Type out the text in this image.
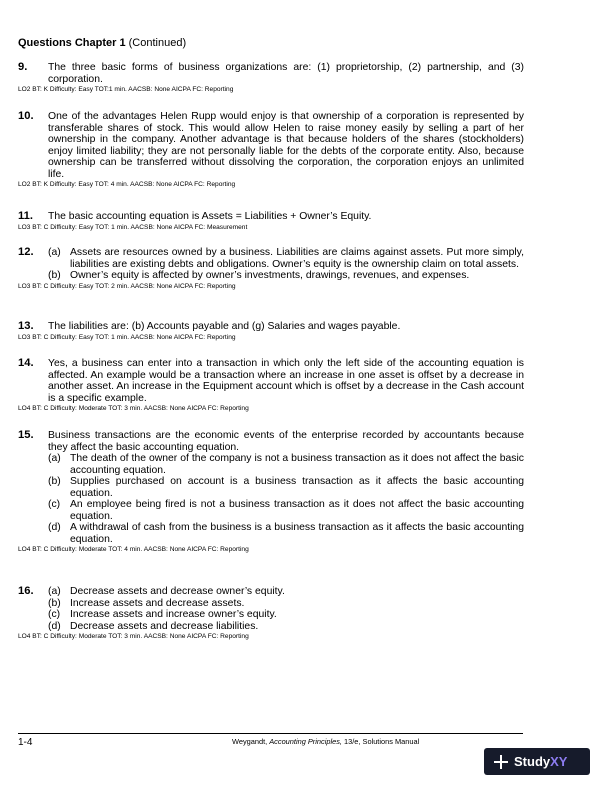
Questions Chapter 1 (Continued)
9.	The three basic forms of business organizations are: (1) proprietorship, (2) partnership, and (3) corporation.

LO2 BT: K Difficulty: Easy TOT:1 min. AACSB: None AICPA FC: Reporting
10.	One of the advantages Helen Rupp would enjoy is that ownership of a corporation is represented by transferable shares of stock. This would allow Helen to raise money easily by selling a part of her ownership in the company. Another advantage is that because holders of the shares (stockholders) enjoy limited liability; they are not personally liable for the debts of the corporate entity. Also, because ownership can be transferred without dissolving the corporation, the corporation enjoys an unlimited life.

LO2 BT: K Difficulty: Easy TOT: 4 min. AACSB: None AICPA FC: Reporting
11.	The basic accounting equation is Assets = Liabilities + Owner’s Equity.

LO3 BT: C Difficulty: Easy TOT: 1 min. AACSB: None AICPA FC: Measurement
12.	(a) Assets are resources owned by a business. Liabilities are claims against assets. Put more simply, liabilities are existing debts and obligations. Owner’s equity is the ownership claim on total assets.
(b) Owner’s equity is affected by owner’s investments, drawings, revenues, and expenses.
LO3 BT: C Difficulty: Easy TOT: 2 min. AACSB: None AICPA FC: Reporting
13.	The liabilities are: (b) Accounts payable and (g) Salaries and wages payable.

LO3 BT: C Difficulty: Easy TOT: 1 min. AACSB: None AICPA FC: Reporting
14.	Yes, a business can enter into a transaction in which only the left side of the accounting equation is affected. An example would be a transaction where an increase in one asset is offset by a decrease in another asset. An increase in the Equipment account which is offset by a decrease in the Cash account is a specific example.

LO4 BT: C Difficulty: Moderate TOT: 3 min. AACSB: None AICPA FC: Reporting
15.	Business transactions are the economic events of the enterprise recorded by accountants because they affect the basic accounting equation.

(a) The death of the owner of the company is not a business transaction as it does not affect the basic accounting equation.
(b) Supplies purchased on account is a business transaction as it affects the basic accounting equation.
(c) An employee being fired is not a business transaction as it does not affect the basic accounting equation.
(d) A withdrawal of cash from the business is a business transaction as it affects the basic accounting equation.
LO4 BT: C Difficulty: Moderate TOT: 4 min. AACSB: None AICPA FC: Reporting
16.	(a) Decrease assets and decrease owner’s equity.
(b) Increase assets and decrease assets.
(c) Increase assets and increase owner’s equity.
(d) Decrease assets and decrease liabilities.
LO4 BT: C Difficulty: Moderate TOT: 3 min. AACSB: None AICPA FC: Reporting
1-4	Weygandt, Accounting Principles, 13/e, Solutions Manual
Study XY
